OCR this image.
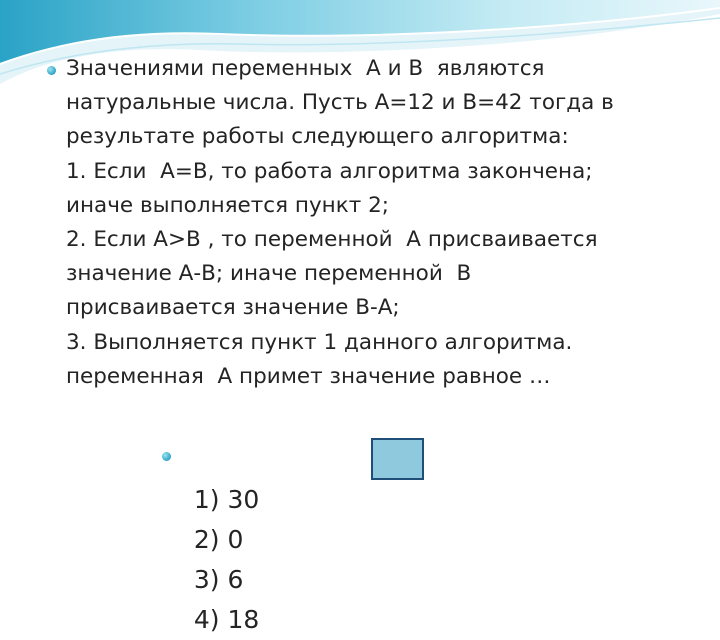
Значениями переменных  А и В  являются
натуральные числа. Пусть А=12 и В=42 тогда в
результате работы следующего алгоритма:
1. Если  А=В, то работа алгоритма закончена;
иначе выполняется пункт 2;
2. Если А>В , то переменной  А присваивается
значение А-В; иначе переменной  В
присваивается значение В-А;
3. Выполняется пункт 1 данного алгоритма.
переменная  А примет значение равное …

1) 30
2) 0
3) 6
4) 18
